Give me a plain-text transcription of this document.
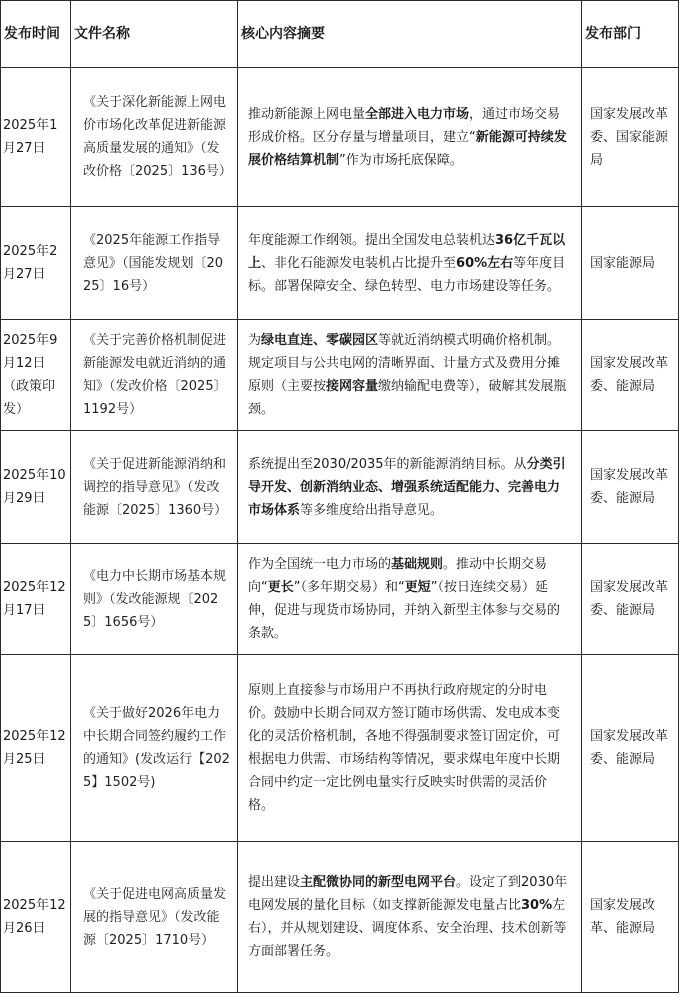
发布时间	文件名称	核心内容摘要	发布部门
2025年1月27日	《关于深化新能源上网电价市场化改革促进新能源高质量发展的通知》（发改价格〔2025〕136号）	推动新能源上网电量全部进入电力市场，通过市场交易形成价格。区分存量与增量项目，建立“新能源可持续发展价格结算机制”作为市场托底保障。	国家发展改革委、国家能源局
2025年2月27日	《2025年能源工作指导意见》（国能发规划〔2025〕16号）	年度能源工作纲领。提出全国发电总装机达36亿千瓦以上、非化石能源发电装机占比提升至60%左右等年度目标。部署保障安全、绿色转型、电力市场建设等任务。	国家能源局
2025年9月12日（政策印发）	《关于完善价格机制促进新能源发电就近消纳的通知》（发改价格〔2025〕1192号）	为绿电直连、零碳园区等就近消纳模式明确价格机制。规定项目与公共电网的清晰界面、计量方式及费用分摊原则（主要按接网容量缴纳输配电费等），破解其发展瓶颈。	国家发展改革委、能源局
2025年10月29日	《关于促进新能源消纳和调控的指导意见》（发改能源〔2025〕1360号）	系统提出至2030/2035年的新能源消纳目标。从分类引导开发、创新消纳业态、增强系统适配能力、完善电力市场体系等多维度给出指导意见。	国家发展改革委、能源局
2025年12月17日	《电力中长期市场基本规则》（发改能源规〔2025〕1656号）	作为全国统一电力市场的基础规则。推动中长期交易向“更长”（多年期交易）和“更短”（按日连续交易）延伸，促进与现货市场协同，并纳入新型主体参与交易的条款。	国家发展改革委、能源局
2025年12月25日	《关于做好2026年电力中长期合同签约履约工作的通知》(发改运行【2025】1502号)	原则上直接参与市场用户不再执行政府规定的分时电价。鼓励中长期合同双方签订随市场供需、发电成本变化的灵活价格机制，各地不得强制要求签订固定价，可根据电力供需、市场结构等情况，要求煤电年度中长期合同中约定一定比例电量实行反映实时供需的灵活价格。	国家发展改革委、能源局
2025年12月26日	《关于促进电网高质量发展的指导意见》（发改能源〔2025〕1710号）	提出建设主配微协同的新型电网平台。设定了到2030年电网发展的量化目标（如支撑新能源发电量占比30%左右），并从规划建设、调度体系、安全治理、技术创新等方面部署任务。	国家发展改革、能源局
